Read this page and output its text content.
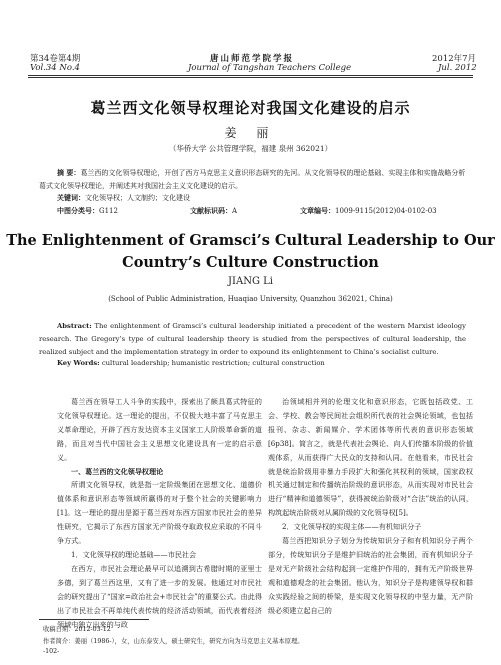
第34卷第4期
Vol.34 No.4
唐山师范学院学报
Journal of Tangshan Teachers College
2012年7月
Jul. 2012
葛兰西文化领导权理论对我国文化建设的启示
姜 丽
（华侨大学 公共管理学院，福建 泉州 362021）
摘 要：葛兰西的文化领导权理论，开创了西方马克思主义意识形态研究的先河。从文化领导权的理论基础、实现主体和实施战略分析葛式文化领导权理论，并阐述其对我国社会主义文化建设的启示。
关键词：文化领导权；人文制约；文化建设
中图分类号：G112	文献标识码：A	文章编号：1009-9115(2012)04-0102-03
The Enlightenment of Gramsci’s Cultural Leadership to Our
Country’s Culture Construction
JIANG Li
(School of Public Administration, Huaqiao University, Quanzhou 362021, China)
Abstract: The enlightenment of Gramsci’s cultural leadership initiated a precedent of the western Marxist ideology research. The Gregory’s type of cultural leadership theory is studied from the perspectives of cultural leadership, the realized subject and the implementation strategy in order to expound its enlightenment to China’s socialist culture.
Key Words: cultural leadership; humanistic restriction; cultural construction

葛兰西在领导工人斗争的实践中，探索出了颇具葛式特征的文化领导权理论。这一理论的提出，不仅极大地丰富了马克思主义革命理论，开辟了西方发达资本主义国家工人阶级革命新的道路，而且对当代中国社会主义思想文化建设具有一定的启示意义。

一、葛兰西的文化领导权理论

所谓文化领导权，就是指一定阶级集团在思想文化、道德价值体系和意识形态等领域所赢得的对于整个社会的关键影响力[1]。这一理论的提出是源于葛兰西对东西方国家市民社会的差异性研究，它揭示了东西方国家无产阶级夺取政权应采取的不同斗争方式。

1．文化领导权的理论基础——市民社会

在西方，市民社会理论最早可以追溯到古希腊时期的亚里士多德，到了葛兰西这里，又有了进一步的发展。他通过对市民社会的研究提出了“国家=政治社会+市民社会”的重要公式。由此得出了市民社会不再单纯代表传统的经济活动领域，而代表着经济领域中独立出来的与政

治领域相并列的伦理文化和意识形态，它既包括政党、工会、学校、教会等民间社会组织所代表的社会舆论领域，也包括报刊、杂志、新闻媒介、学术团体等所代表的意识形态领域[6p38]。简言之，就是代表社会舆论、向人们传播本阶级的价值观体系，从而获得广大民众的支持和认同。在他看来，市民社会就是统治阶级用非暴力手段扩大和强化其权利的领域，国家政权机关通过制定和传播统治阶级的意识形态，从而实现对市民社会进行“精神和道德领导”，获得被统治阶级对“合法”统治的认同，构筑起统治阶级对从属阶级的文化领导权[5]。

2．文化领导权的实现主体——有机知识分子

葛兰西把知识分子划分为传统知识分子和有机知识分子两个部分，传统知识分子是维护旧统治的社会集团，而有机知识分子是对无产阶级社会结构起到一定维护作用的，拥有无产阶级世界观和道德观念的社会集团。他认为，知识分子是构建领导权和群众实践经验之间的桥梁，是实现文化领导权的中坚力量，无产阶级必须建立起自己的

收稿日期：2012-03-12
作者简介：姜丽（1986-），女，山东泰安人，硕士研究生，研究方向为马克思主义基本原理。
-102-
